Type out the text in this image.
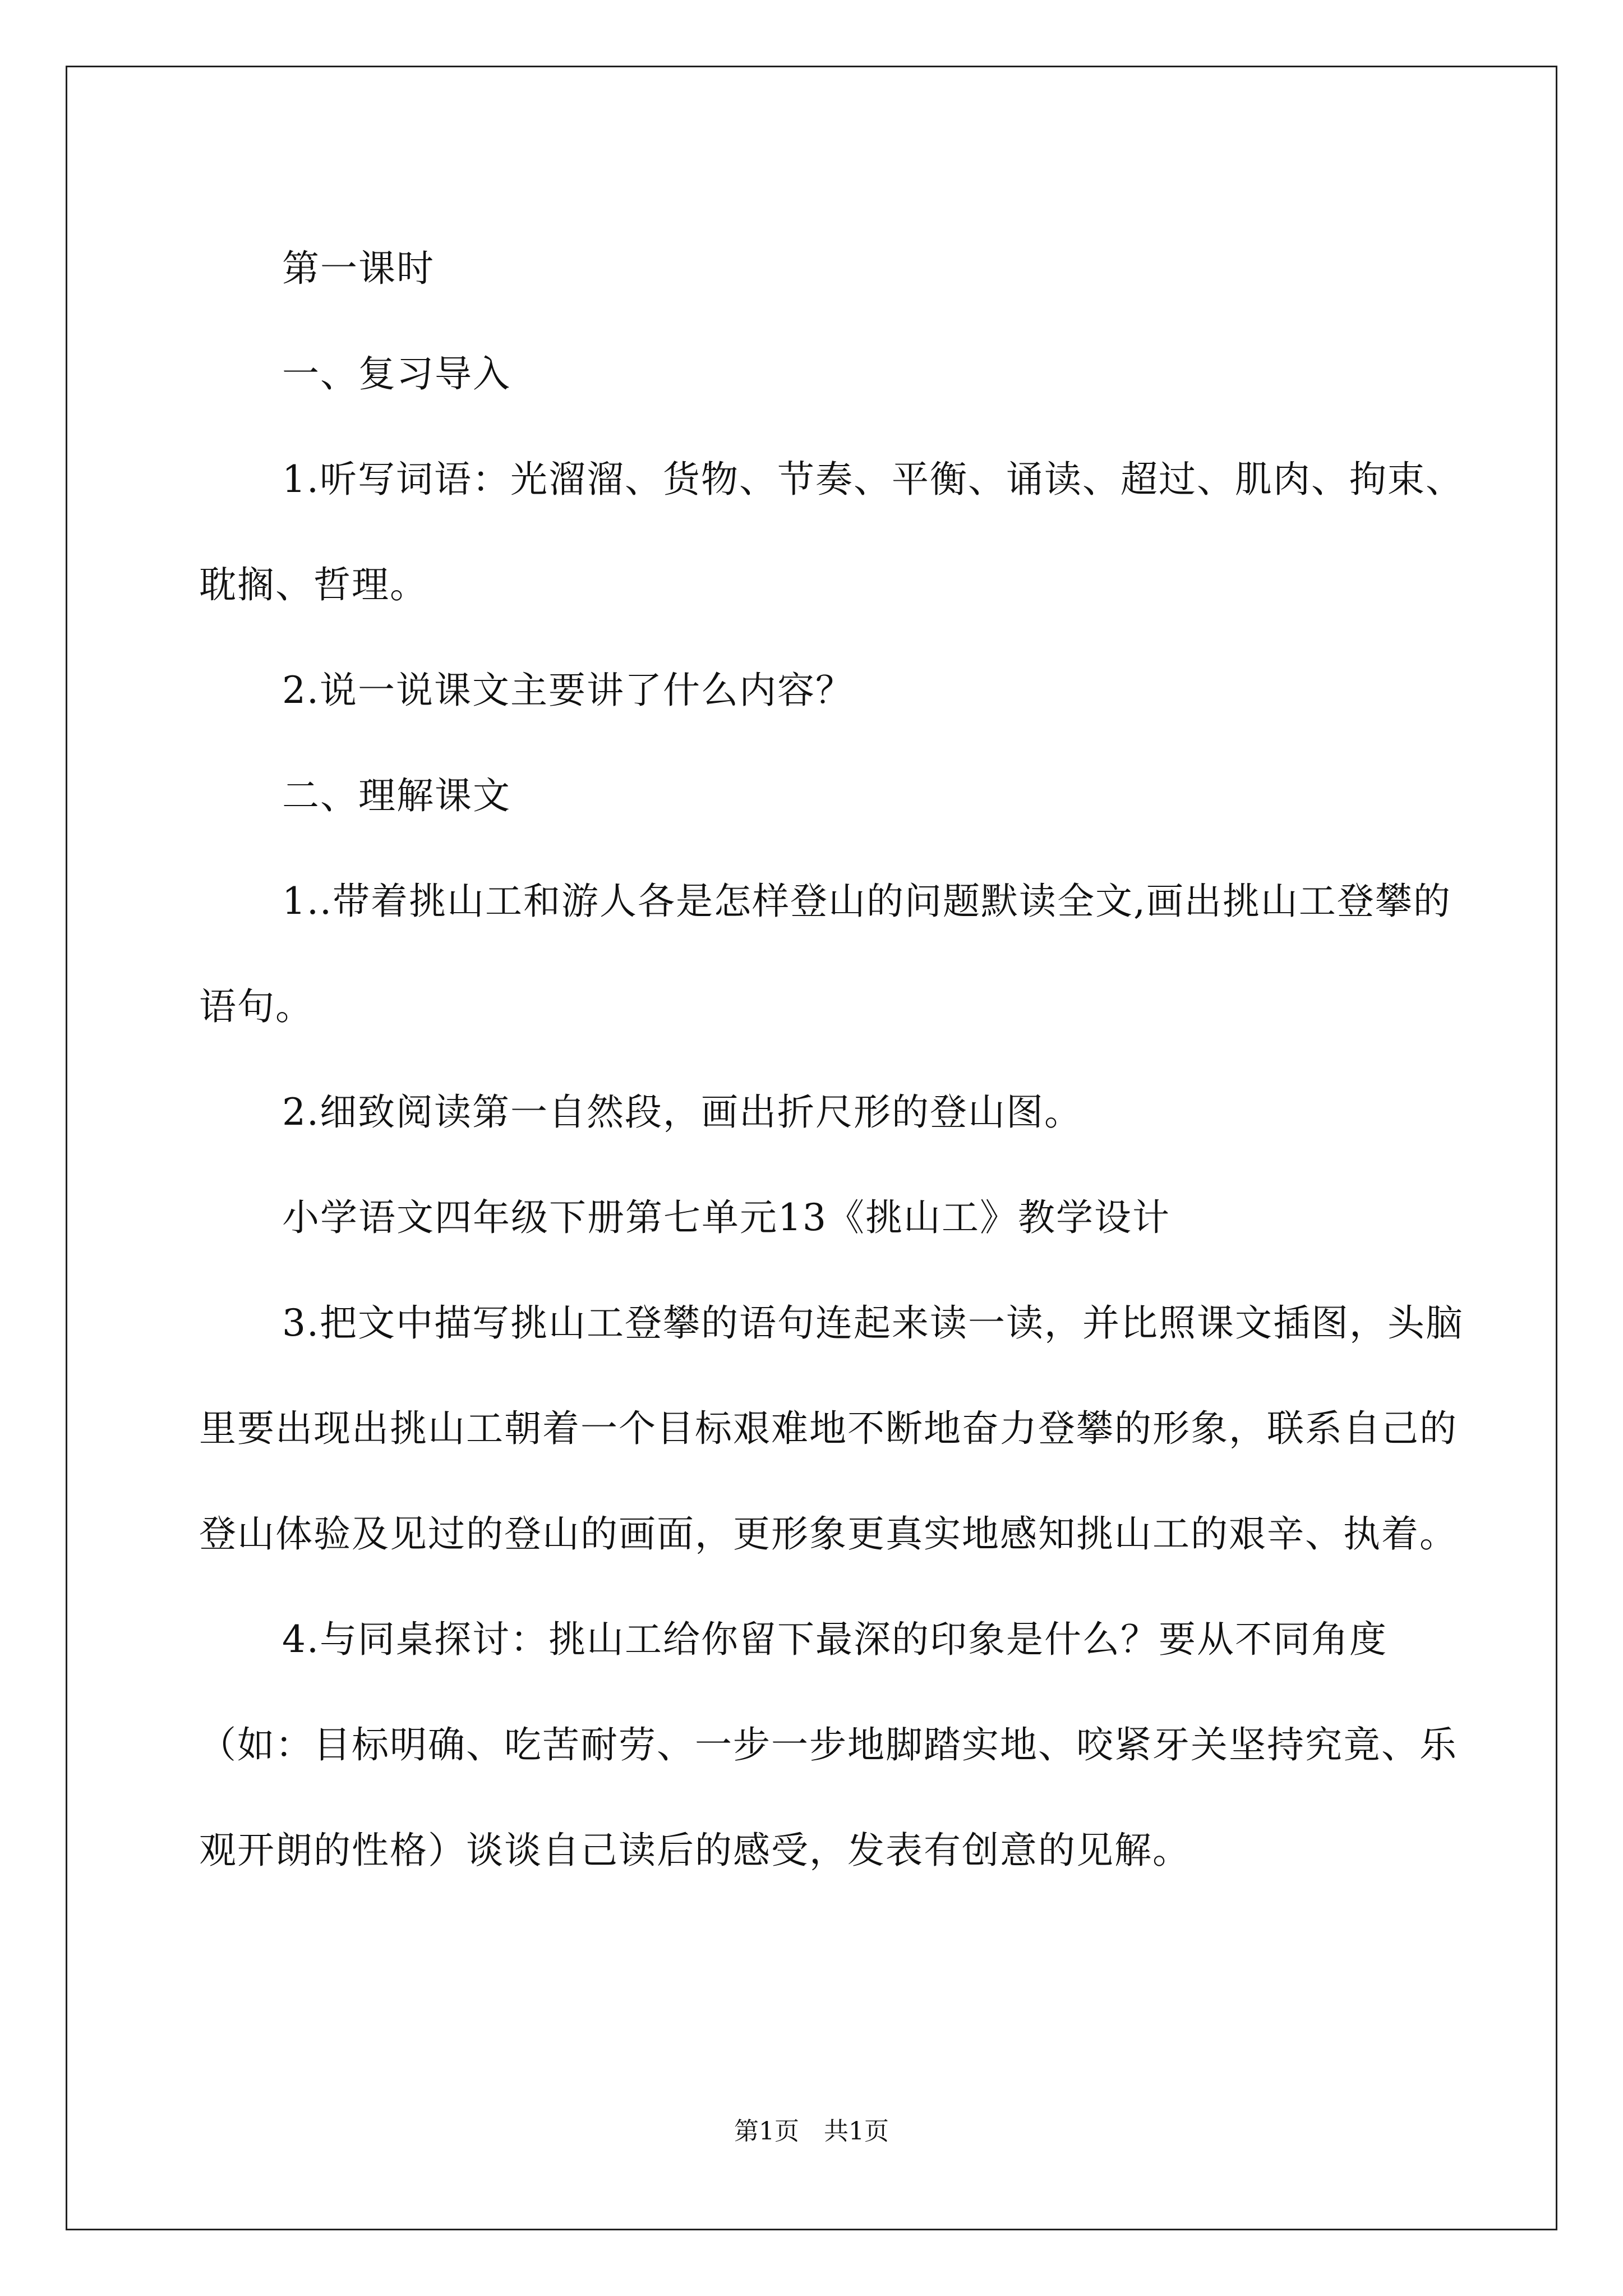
第一课时

一、复习导入

1.听写词语：光溜溜、货物、节奏、平衡、诵读、超过、肌肉、拘束、耽搁、哲理。

2.说一说课文主要讲了什么内容？

二、理解课文

1..带着挑山工和游人各是怎样登山的问题默读全文,画出挑山工登攀的语句。

2.细致阅读第一自然段，画出折尺形的登山图。

小学语文四年级下册第七单元13《挑山工》教学设计

3.把文中描写挑山工登攀的语句连起来读一读，并比照课文插图，头脑里要出现出挑山工朝着一个目标艰难地不断地奋力登攀的形象，联系自己的登山体验及见过的登山的画面，更形象更真实地感知挑山工的艰辛、执着。

4.与同桌探讨：挑山工给你留下最深的印象是什么？要从不同角度（如：目标明确、吃苦耐劳、一步一步地脚踏实地、咬紧牙关坚持究竟、乐观开朗的性格）谈谈自己读后的感受，发表有创意的见解。

第1页　共1页
